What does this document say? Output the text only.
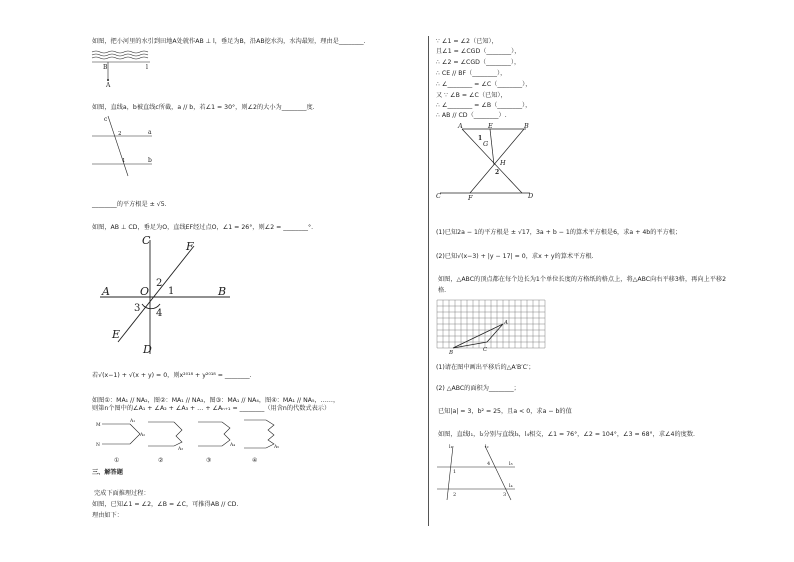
如图，把小河里的水引到田地A处就作AB ⊥ l，垂足为B，沿AB挖水沟，水沟最短，理由是________.
B
A
l
如图，直线a，b被直线c所截，a // b，若∠1 = 30°，则∠2的大小为________度.
c
a
b
1
2
________的平方根是 ± √5.
如图，AB ⊥ CD，垂足为O，直线EF经过点O，∠1 = 26°，则∠2 = ________°.
C
D
A	B
E
F
O 1
2
3 4
若√(x−1) + √(x + y) = 0，则x²⁰¹⁸ + y²⁰¹⁸ = ________.
如图①：MA₁ // NA₂，图②：MA₁ // NA₃，图③：MA₁ // NA₄，图④：MA₁ // NA₅，……，
则第n个图中的∠A₁ + ∠A₂ + ∠A₃ + … + ∠Aₙ₊₁ = ________（用含n的代数式表示）
M
N
A₁
A₂
A₃
A₄	A₅
①	②	③	④
三、解答题
完成下面推理过程：
如图，已知∠1 = ∠2，∠B = ∠C，可推得AB // CD.
理由如下：
∵ ∠1 = ∠2（已知），
且∠1 = ∠CGD（________），
∴ ∠2 = ∠CGD（________），
∴ CE // BF（________），
∴ ∠________ = ∠C（________），
又 ∵ ∠B = ∠C（已知），
∴ ∠________ = ∠B（________），
∴ AB // CD（________）.
A	E	B
C	F	D
G
H
1
2
(1)已知2a − 1的平方根是 ± √17，3a + b − 1的算术平方根是6，求a + 4b的平方根；
(2)已知√(x−3) + |y − 17| = 0，求x + y的算术平方根.
如图，△ABC的顶点都在每个边长为1个单位长度的方格纸的格点上，将△ABC向右平移3格，再向上平移2
格.
A
B	C
(1)请在图中画出平移后的△A′B′C′；
(2) △ABC的面积为________；
已知|a| = 3，b² = 25，且a < 0，求a − b的值
如图，直线l₁，l₂分别与直线l₃，l₄相交，∠1 = 76°，∠2 = 104°，∠3 = 68°，求∠4的度数.
l₃
l₄
l₁	l₂
1
2	3
4
